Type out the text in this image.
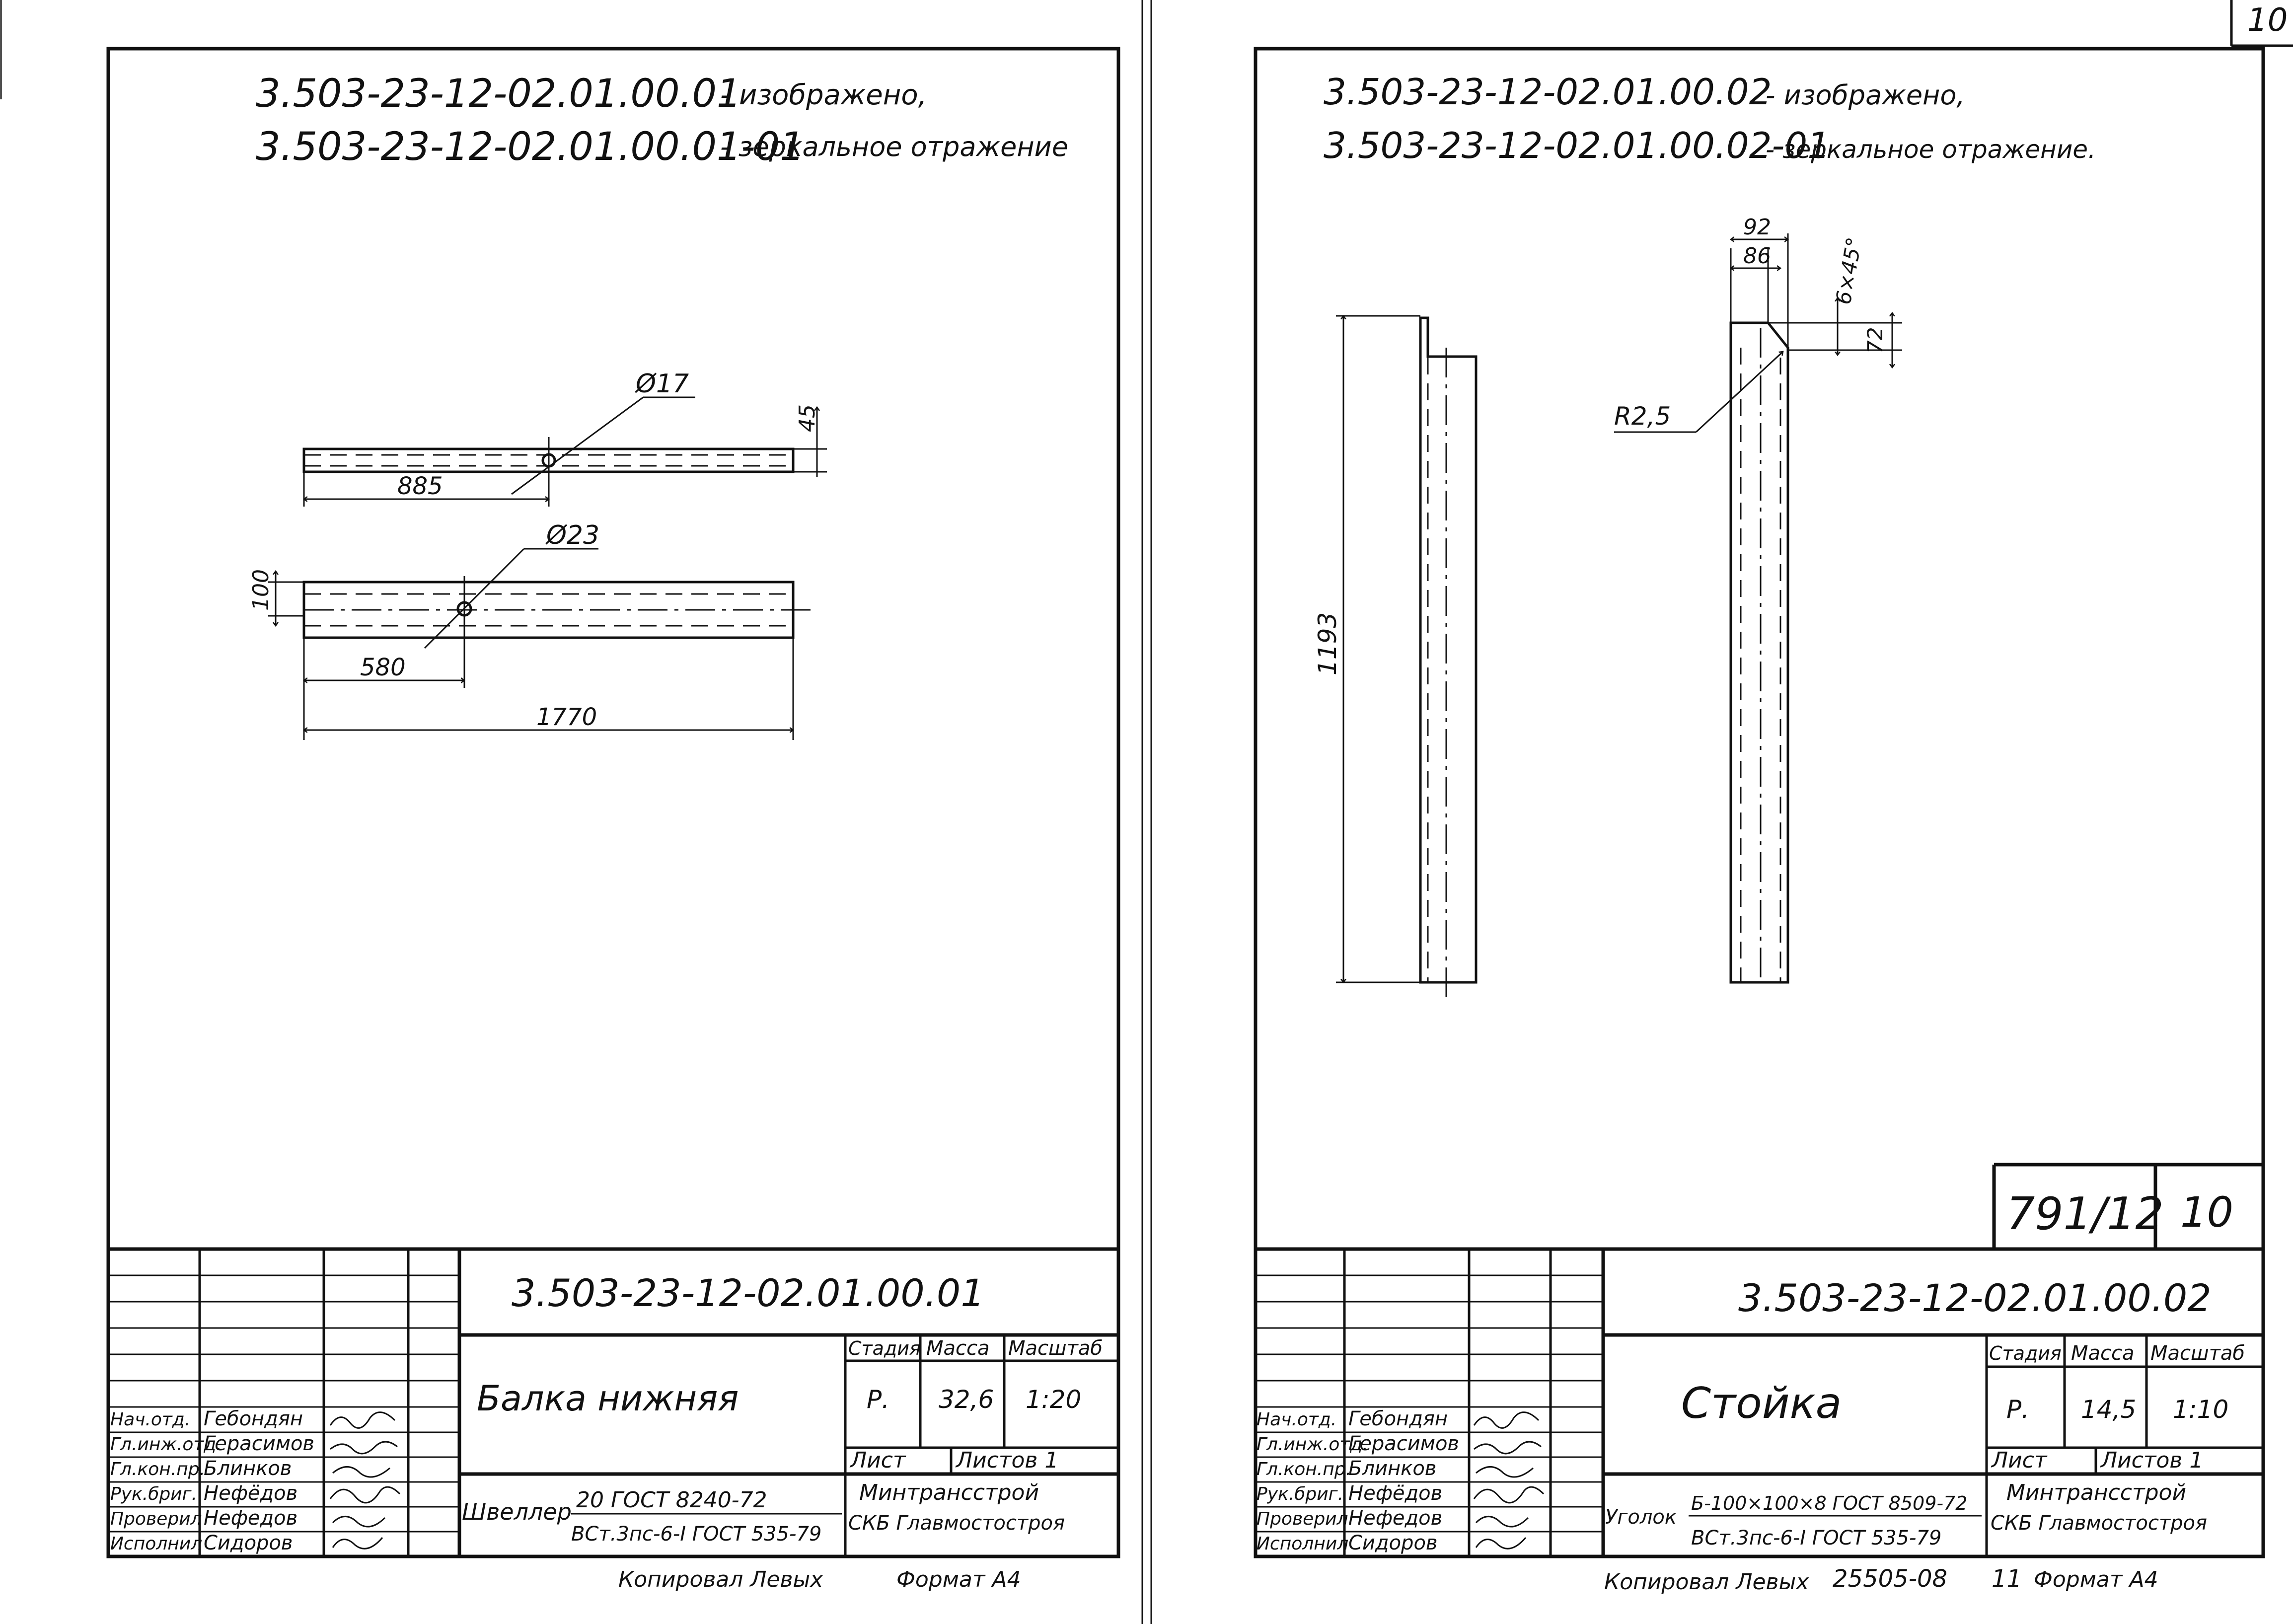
10
3.503-23-12-02.01.00.01
- изображено,
3.503-23-12-02.01.00.01-01
- зеркальное отражение
Ø17
45
885
Ø23
100
580
1770
3.503-23-12-02.01.00.01
Балка нижняя
Стадия Масса Масштаб
Р. 32,6 1:20
Лист Листов 1
Минтрансстрой
СКБ Главмостостроя
Швеллер 20 ГОСТ 8240-72
ВСт.3пс-6-I ГОСТ 535-79
Нач.отд.
Гл.инж.отд.
Гл.кон.пр.
Рук.бриг.
Проверил
Исполнил
Гебондян
Герасимов
Блинков
Нефёдов
Нефедов
Сидоров
Копировал Левых	Формат А4
3.503-23-12-02.01.00.02
- изображено,
3.503-23-12-02.01.00.02-01
- зеркальное отражение.
1193
92
86	6×45°
72
R2,5
791/12 10
3.503-23-12-02.01.00.02
Стойка
Стадия Масса Масштаб
Р. 14,5 1:10
Лист Листов 1
Минтрансстрой
СКБ Главмостостроя
Уголок
Б-100×100×8 ГОСТ 8509-72
ВСт.3пс-6-I ГОСТ 535-79
Нач.отд.
Гл.инж.отд.
Гл.кон.пр.
Рук.бриг.
Проверил
Исполнил
Гебондян
Герасимов
Блинков
Нефёдов
Нефедов
Сидоров
Копировал Левых 25505-08 11 Формат А4
